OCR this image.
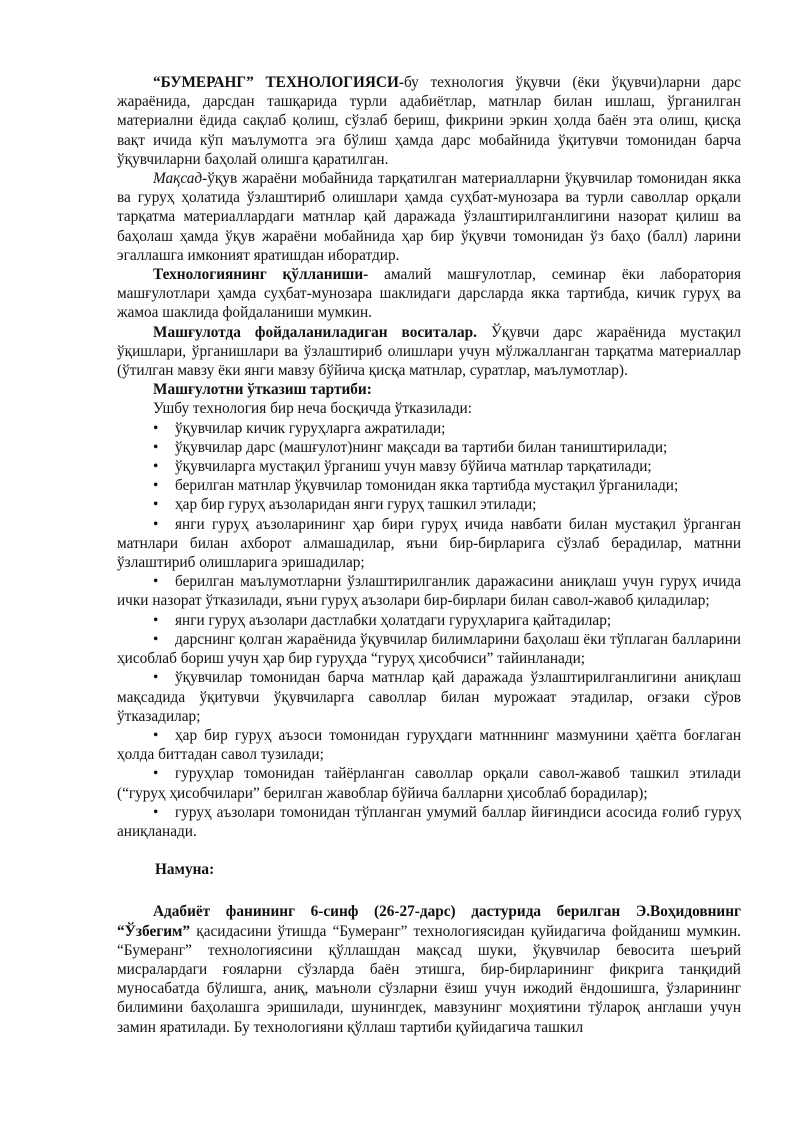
“БУМЕРАНГ” ТЕХНОЛОГИЯСИ-бу технология ўқувчи (ёки ўқувчи)ларни дарс жараёнида, дарсдан ташқарида турли адабиётлар, матнлар билан ишлаш, ўрганилган материални ёдида сақлаб қолиш, сўзлаб бериш, фикрини эркин ҳолда баён эта олиш, қисқа вақт ичида кўп маълумотга эга бўлиш ҳамда дарс мобайнида ўқитувчи томонидан барча ўқувчиларни баҳолай олишга қаратилган.

Мақсад-ўқув жараёни мобайнида тарқатилган материалларни ўқувчилар томонидан якка ва гуруҳ ҳолатида ўзлаштириб олишлари ҳамда суҳбат-мунозара ва турли саволлар орқали тарқатма материаллардаги матнлар қай даражада ўзлаштирилганлигини назорат қилиш ва баҳолаш ҳамда ўқув жараёни мобайнида ҳар бир ўқувчи томонидан ўз баҳо (балл) ларини эгаллашга имконият яратишдан иборатдир.

Технологиянинг қўлланиши- амалий машғулотлар, семинар ёки лаборатория машғулотлари ҳамда суҳбат-мунозара шаклидаги дарсларда якка тартибда, кичик гуруҳ ва жамоа шаклида фойдаланиши мумкин.

Машғулотда фойдаланиладиган воситалар. Ўқувчи дарс жараёнида мустақил ўқишлари, ўрганишлари ва ўзлаштириб олишлари учун мўлжалланган тарқатма материаллар (ўтилган мавзу ёки янги мавзу бўйича қисқа матнлар, суратлар, маълумотлар).

Машғулотни ўтказиш тартиби:

Ушбу технология бир неча босқичда ўтказилади:

• ўқувчилар кичик гуруҳларга ажратилади;
• ўқувчилар дарс (машғулот)нинг мақсади ва тартиби билан таништирилади;
• ўқувчиларга мустақил ўрганиш учун мавзу бўйича матнлар тарқатилади;
• берилган матнлар ўқувчилар томонидан якка тартибда мустақил ўрганилади;
• ҳар бир гуруҳ аъзоларидан янги гуруҳ ташкил этилади;
• янги гуруҳ аъзоларининг ҳар бири гуруҳ ичида навбати билан мустақил ўрганган матнлари билан ахборот алмашадилар, яъни бир-бирларига сўзлаб берадилар, матнни ўзлаштириб олишларига эришадилар;
• берилган маълумотларни ўзлаштирилганлик даражасини аниқлаш учун гуруҳ ичида ички назорат ўтказилади, яъни гуруҳ аъзолари бир-бирлари билан савол-жавоб қиладилар;
• янги гуруҳ аъзолари дастлабки ҳолатдаги гуруҳларига қайтадилар;
• дарснинг қолган жараёнида ўқувчилар билимларини баҳолаш ёки тўплаган балларини ҳисоблаб бориш учун ҳар бир гуруҳда “гуруҳ ҳисобчиси” тайинланади;
• ўқувчилар томонидан барча матнлар қай даражада ўзлаштирилганлигини аниқлаш мақсадида ўқитувчи ўқувчиларга саволлар билан мурожаат этадилар, оғзаки сўров ўтказадилар;
• ҳар бир гуруҳ аъзоси томонидан гуруҳдаги матнннинг мазмунини ҳаётга боғлаган ҳолда биттадан савол тузилади;
• гуруҳлар томонидан тайёрланган саволлар орқали савол-жавоб ташкил этилади (“гуруҳ ҳисобчилари” берилган жавоблар бўйича балларни ҳисоблаб борадилар);
• гуруҳ аъзолари томонидан тўпланган умумий баллар йиғиндиси асосида ғолиб гуруҳ аниқланади.

Намуна:

Адабиёт фанининг 6-синф (26-27-дарс) дастурида берилган Э.Воҳидовнинг “Ўзбегим” қасидасини ўтишда “Бумеранг” технологиясидан қуйидагича фойданиш мумкин. “Бумеранг” технологиясини қўллашдан мақсад шуки, ўқувчилар бевосита шеърий мисралардаги ғояларни сўзларда баён этишга, бир-бирларининг фикрига танқидий муносабатда бўлишга, аниқ, маъноли сўзларни ёзиш учун ижодий ёндошишга, ўзларининг билимини баҳолашга эришилади, шунингдек, мавзунинг моҳиятини тўлароқ англаши учун замин яратилади. Бу технологияни қўллаш тартиби қуйидагича ташкил
